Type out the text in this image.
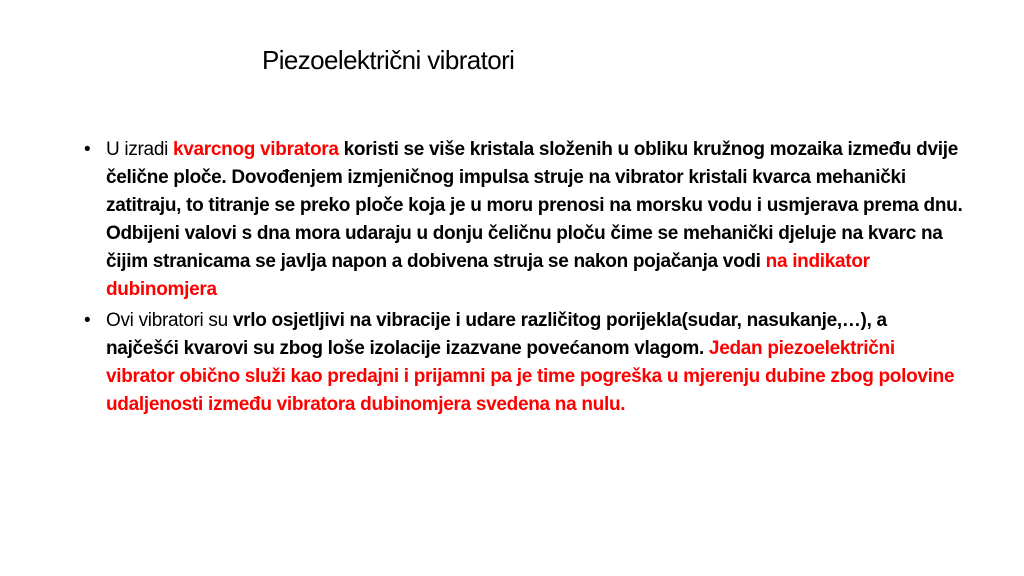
Piezoelektrični vibratori
• U izradi kvarcnog vibratora koristi se više kristala složenih u obliku kružnog mozaika između dvije čelične ploče. Dovođenjem izmjeničnog impulsa struje na vibrator kristali kvarca mehanički zatitraju, to titranje se preko ploče koja je u moru prenosi na morsku vodu i usmjerava prema dnu. Odbijeni valovi s dna mora udaraju u donju čeličnu ploču čime se mehanički djeluje na kvarc na čijim stranicama se javlja napon a dobivena struja se nakon pojačanja vodi na indikator dubinomjera
• Ovi vibratori su vrlo osjetljivi na vibracije i udare različitog porijekla(sudar, nasukanje,…), a najčešći kvarovi su zbog loše izolacije izazvane povećanom vlagom. Jedan piezoelektrični vibrator obično služi kao predajni i prijamni pa je time pogreška u mjerenju dubine zbog polovine udaljenosti između vibratora dubinomjera svedena na nulu.
